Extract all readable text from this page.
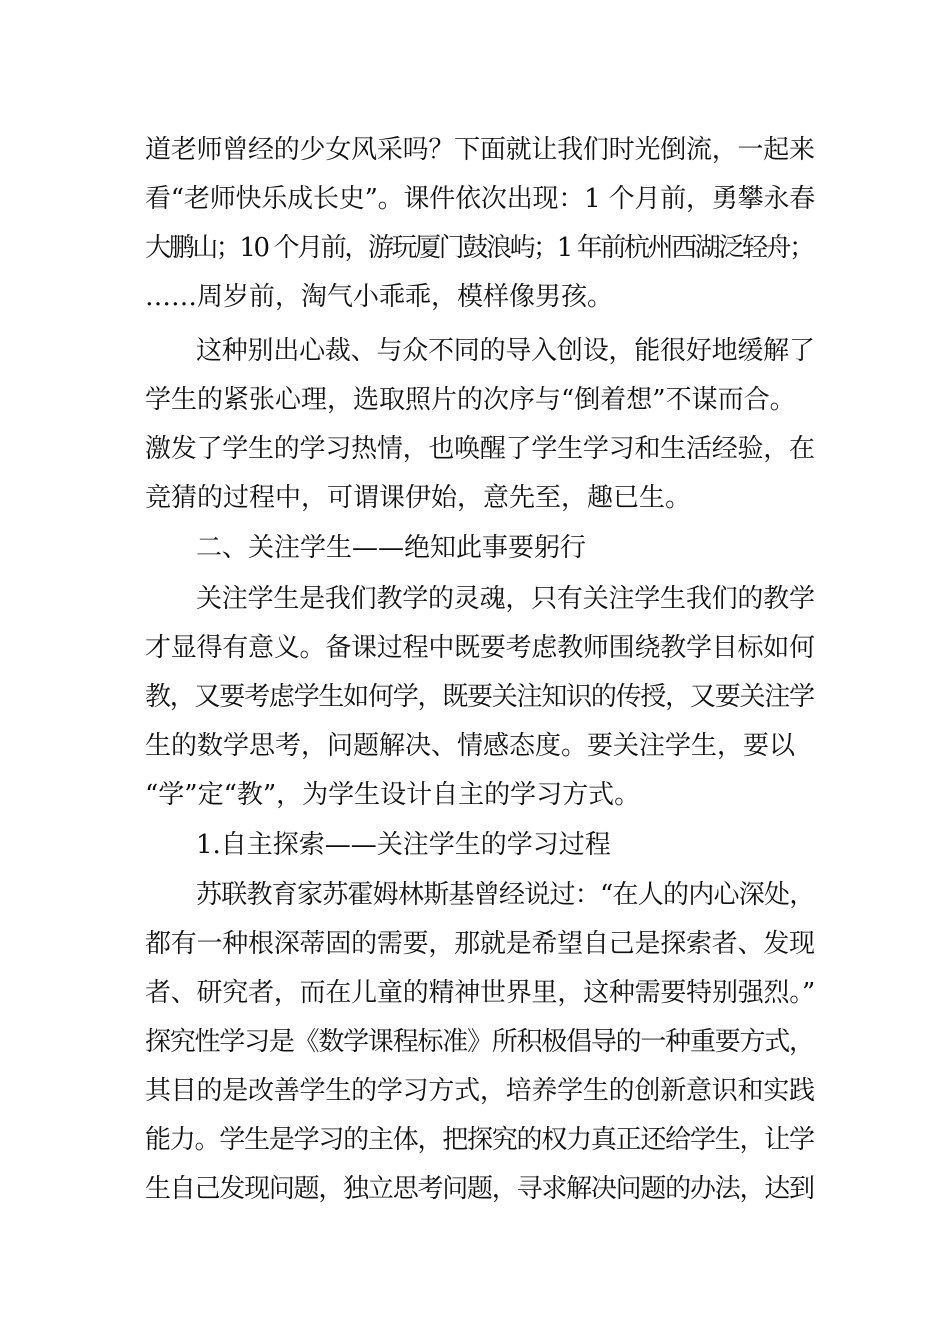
道老师曾经的少女风采吗？下面就让我们时光倒流，一起来
看“老师快乐成长史”。课件依次出现：1 个月前，勇攀永春
大鹏山；10 个月前，游玩厦门鼓浪屿；1 年前杭州西湖泛轻舟；
……周岁前，淘气小乖乖，模样像男孩。
这种别出心裁、与众不同的导入创设，能很好地缓解了
学生的紧张心理，选取照片的次序与“倒着想”不谋而合。
激发了学生的学习热情，也唤醒了学生学习和生活经验，在
竞猜的过程中，可谓课伊始，意先至，趣已生。
二、关注学生——绝知此事要躬行
关注学生是我们教学的灵魂，只有关注学生我们的教学
才显得有意义。备课过程中既要考虑教师围绕教学目标如何
教，又要考虑学生如何学，既要关注知识的传授，又要关注学
生的数学思考，问题解决、情感态度。要关注学生，要以
“学”定“教”，为学生设计自主的学习方式。
1.自主探索——关注学生的学习过程
苏联教育家苏霍姆林斯基曾经说过：“在人的内心深处，
都有一种根深蒂固的需要，那就是希望自己是探索者、发现
者、研究者，而在儿童的精神世界里，这种需要特别强烈。”
探究性学习是《数学课程标准》所积极倡导的一种重要方式，
其目的是改善学生的学习方式，培养学生的创新意识和实践
能力。学生是学习的主体，把探究的权力真正还给学生，让学
生自己发现问题，独立思考问题，寻求解决问题的办法，达到
